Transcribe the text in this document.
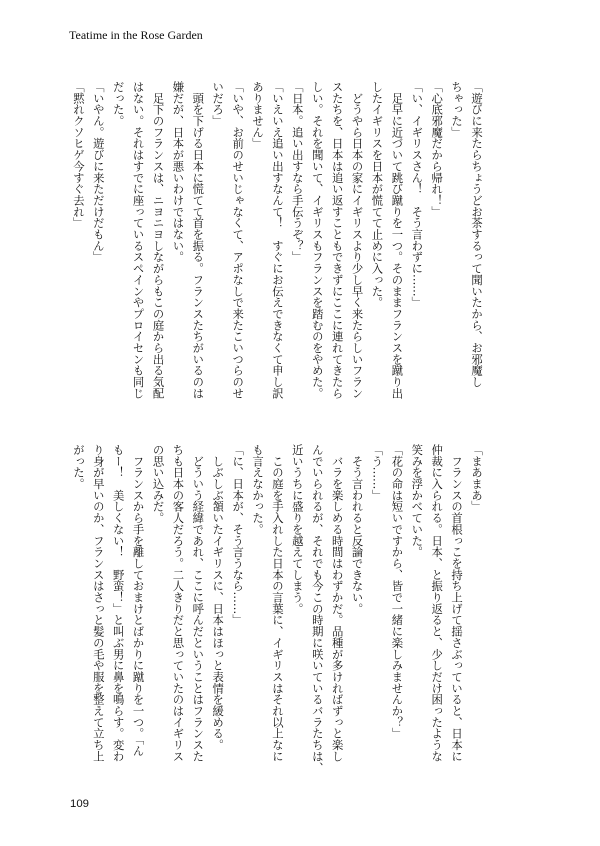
Teatime in the Rose Garden
「遊びに来たらちょうどお茶するって聞いたから、お邪魔し
ちゃった」
「心底邪魔だから帰れ！」
「い、イギリスさん！　そう言わずに……」
　足早に近づいて跳び蹴りを一つ。そのままフランスを蹴り出
したイギリスを日本が慌てて止めに入った。
　どうやら日本の家にイギリスより少し早く来たらしいフラン
スたちを、日本は追い返すこともできずにここに連れてきたら
しい。それを聞いて、イギリスもフランスを踏むのをやめた。
「日本。追い出すなら手伝うぞ？」
「いえいえ追い出すなんて！　すぐにお伝えできなくて申し訳
ありません」
「いや、お前のせいじゃなくて、アポなしで来たこいつらのせ
いだろ」
　頭を下げる日本に慌てて首を振る。フランスたちがいるのは
嫌だが、日本が悪いわけではない。
　足下のフランスは、ニヨニヨしながらもこの庭から出る気配
はない。それはすでに座っているスペインやプロイセンも同じ
だった。
「いやん。遊びに来ただけだもん」
「黙れクソヒゲ今すぐ去れ」
「まあまあ」
　フランスの首根っこを持ち上げて揺さぶっていると、日本に
仲裁に入られる。日本、と振り返ると、少しだけ困ったような
笑みを浮かべていた。
「花の命は短いですから、皆で一緒に楽しみませんか？」
「う……」
　そう言われると反論できない。
　バラを楽しめる時間はわずかだ。品種が多ければずっと楽し
んでいられるが、それでも今この時期に咲いているバラたちは、
近いうちに盛りを越えてしまう。
　この庭を手入れした日本の言葉に、イギリスはそれ以上なに
も言えなかった。
「に、日本が、そう言うなら……」
　しぶしぶ頷いたイギリスに、日本はほっと表情を緩める。
　どういう経緯であれ、ここに呼んだということはフランスた
ちも日本の客人だろう。二人きりだと思っていたのはイギリス
の思い込みだ。
　フランスから手を離しておまけとばかりに蹴りを一つ。「ん
もー！　美しくない！　野蛮！」と叫ぶ男に鼻を鳴らす。変わ
り身が早いのか、フランスはさっと髪の毛や服を整えて立ち上
がった。
109
